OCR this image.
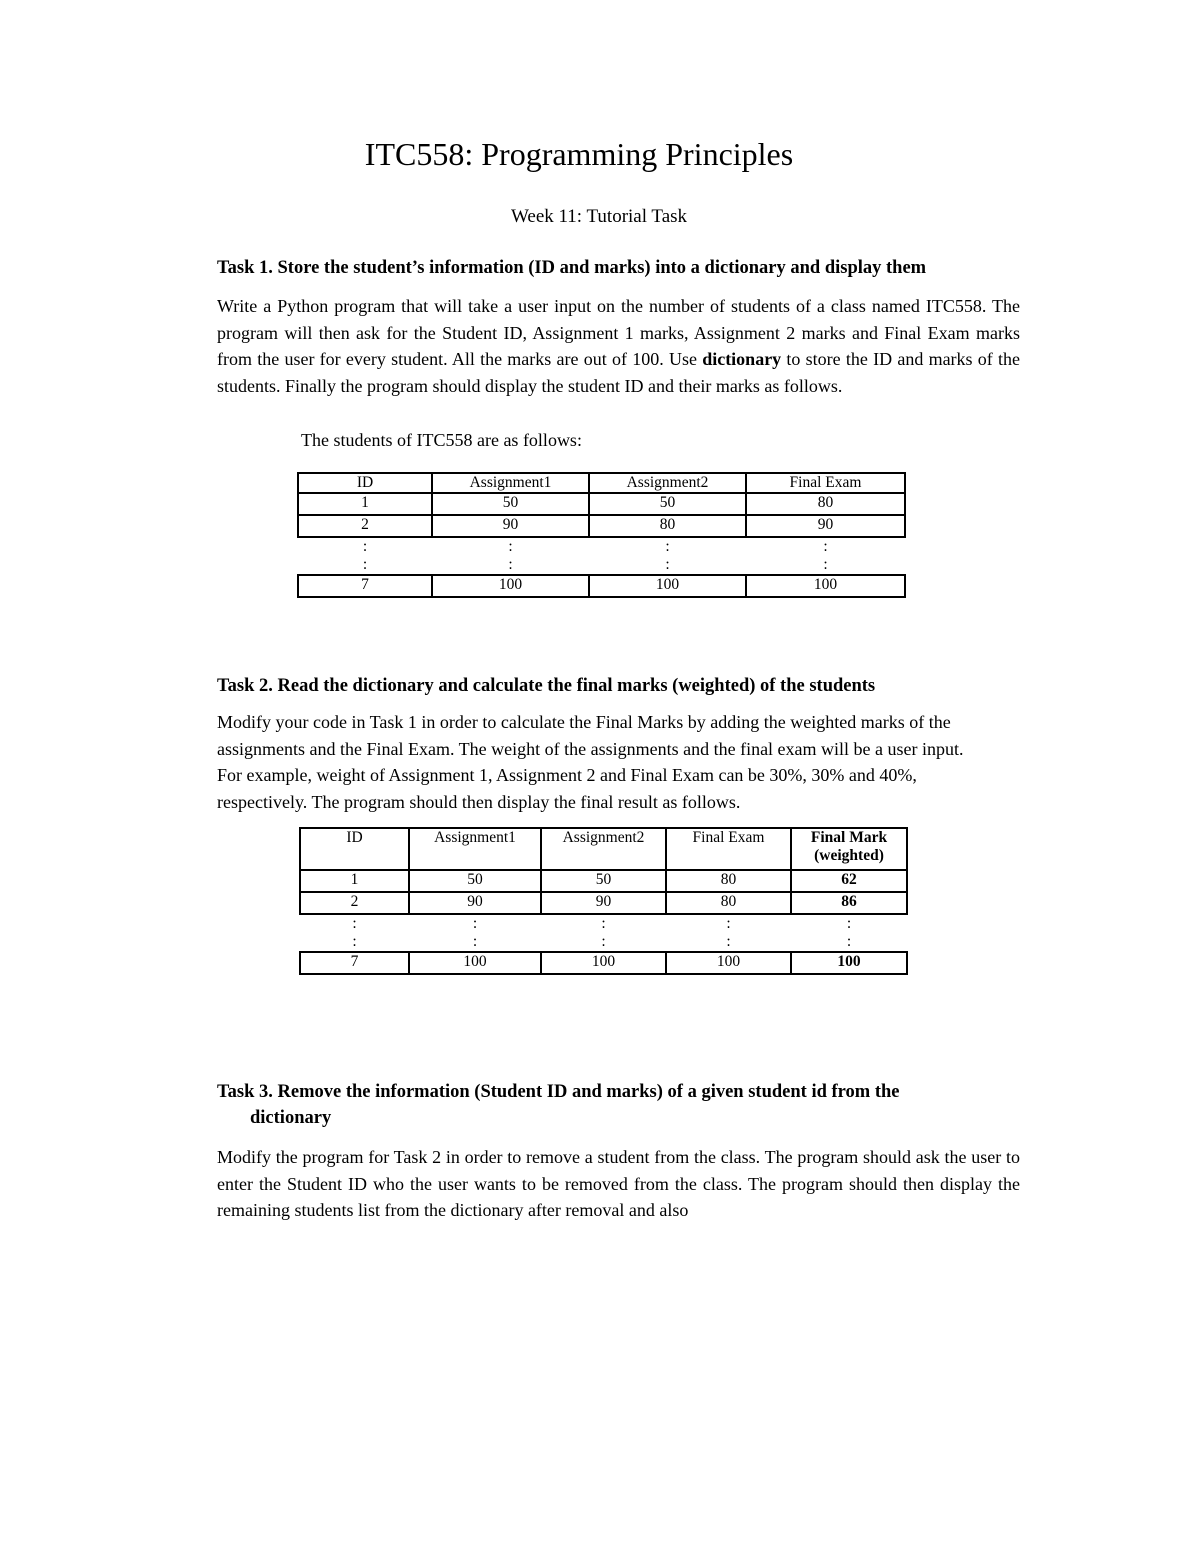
ITC558: Programming Principles
Week 11: Tutorial Task
Task 1. Store the student’s information (ID and marks) into a dictionary and display them
Write a Python program that will take a user input on the number of students of a class named ITC558. The program will then ask for the Student ID, Assignment 1 marks, Assignment 2 marks and Final Exam marks from the user for every student. All the marks are out of 100. Use dictionary to store the ID and marks of the students. Finally the program should display the student ID and their marks as follows.
The students of ITC558 are as follows:
ID	Assignment1	Assignment2	Final Exam
1	50	50	80
2	90	80	90
:	:	:	:
:	:	:	:
7	100	100	100
Task 2. Read the dictionary and calculate the final marks (weighted) of the students
Modify your code in Task 1 in order to calculate the Final Marks by adding the weighted marks of the assignments and the Final Exam. The weight of the assignments and the final exam will be a user input. For example, weight of Assignment 1, Assignment 2 and Final Exam can be 30%, 30% and 40%, respectively. The program should then display the final result as follows.
ID	Assignment1	Assignment2	Final Exam	Final Mark
(weighted)
1	50	50	80	62
2	90	90	80	86
:	:	:	:	:
:	:	:	:	:
7	100	100	100	100
Task 3. Remove the information (Student ID and marks) of a given student id from the
dictionary
Modify the program for Task 2 in order to remove a student from the class. The program should ask the user to enter the Student ID who the user wants to be removed from the class. The program should then display the remaining students list from the dictionary after removal and also
